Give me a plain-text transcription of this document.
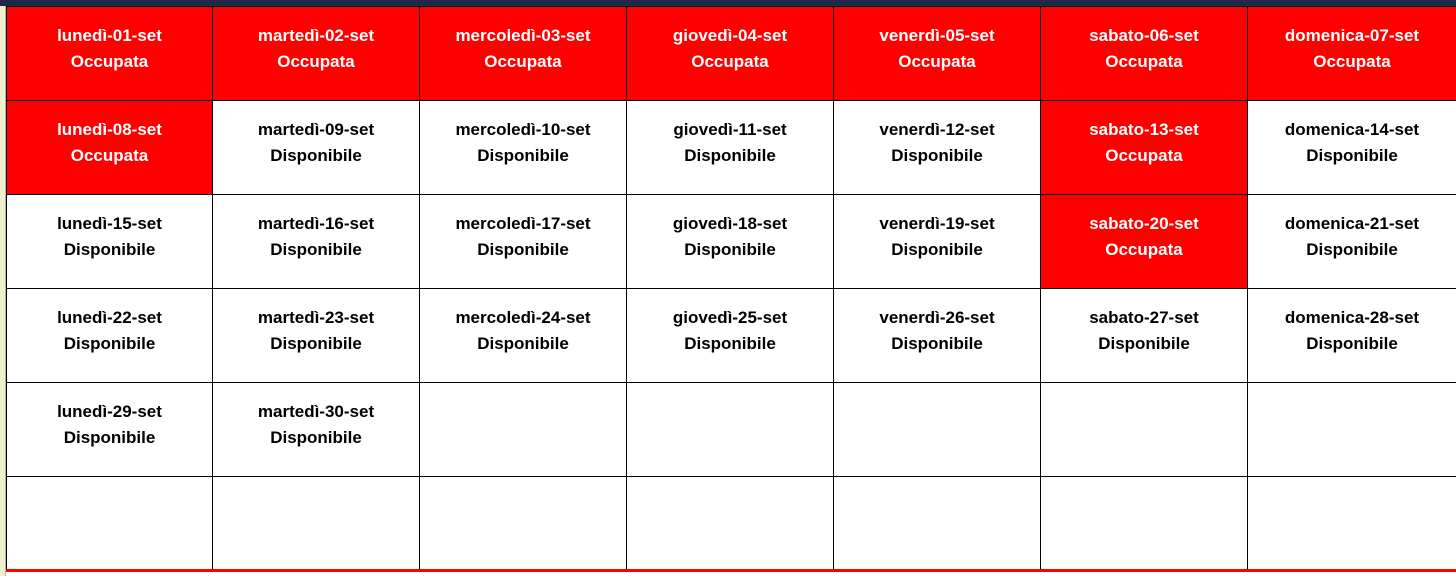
lunedì-01-set
Occupata
martedì-02-set
Occupata
mercoledì-03-set
Occupata
giovedì-04-set
Occupata
venerdì-05-set
Occupata
sabato-06-set
Occupata
domenica-07-set
Occupata
lunedì-08-set
Occupata
martedì-09-set
Disponibile
mercoledì-10-set
Disponibile
giovedì-11-set
Disponibile
venerdì-12-set
Disponibile
sabato-13-set
Occupata
domenica-14-set
Disponibile
lunedì-15-set
Disponibile
martedì-16-set
Disponibile
mercoledì-17-set
Disponibile
giovedì-18-set
Disponibile
venerdì-19-set
Disponibile
sabato-20-set
Occupata
domenica-21-set
Disponibile
lunedì-22-set
Disponibile
martedì-23-set
Disponibile
mercoledì-24-set
Disponibile
giovedì-25-set
Disponibile
venerdì-26-set
Disponibile
sabato-27-set
Disponibile
domenica-28-set
Disponibile
lunedì-29-set
Disponibile
martedì-30-set
Disponibile
